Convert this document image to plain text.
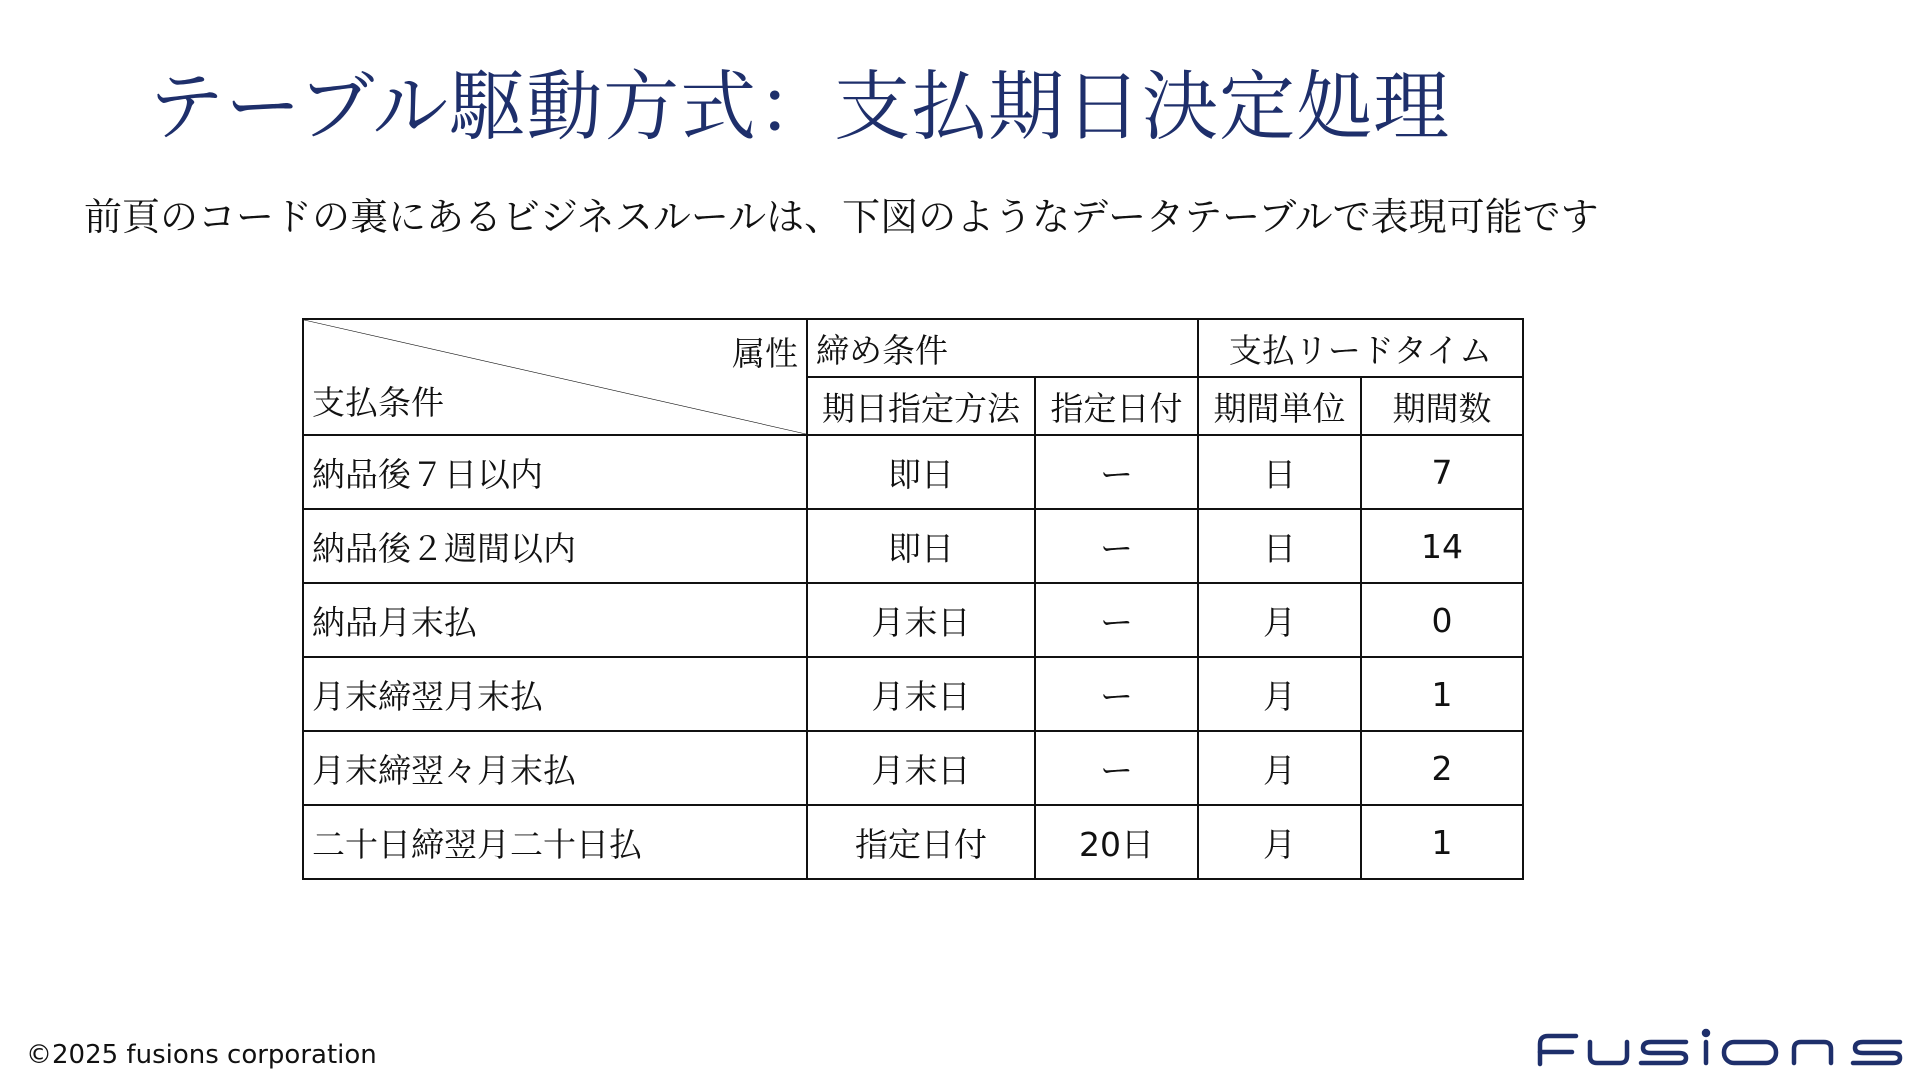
テーブル駆動方式：支払期日決定処理
前頁のコードの裏にあるビジネスルールは、下図のようなデータテーブルで表現可能です
属性
支払条件	締め条件		支払リードタイム	
	期日指定方法	指定日付	期間単位	期間数
納品後７日以内	即日	ー	日	7
納品後２週間以内	即日	ー	日	14
納品月末払	月末日	ー	月	0
月末締翌月末払	月末日	ー	月	1
月末締翌々月末払	月末日	ー	月	2
二十日締翌月二十日払	指定日付	20日	月	1
©2025 fusions corporation
